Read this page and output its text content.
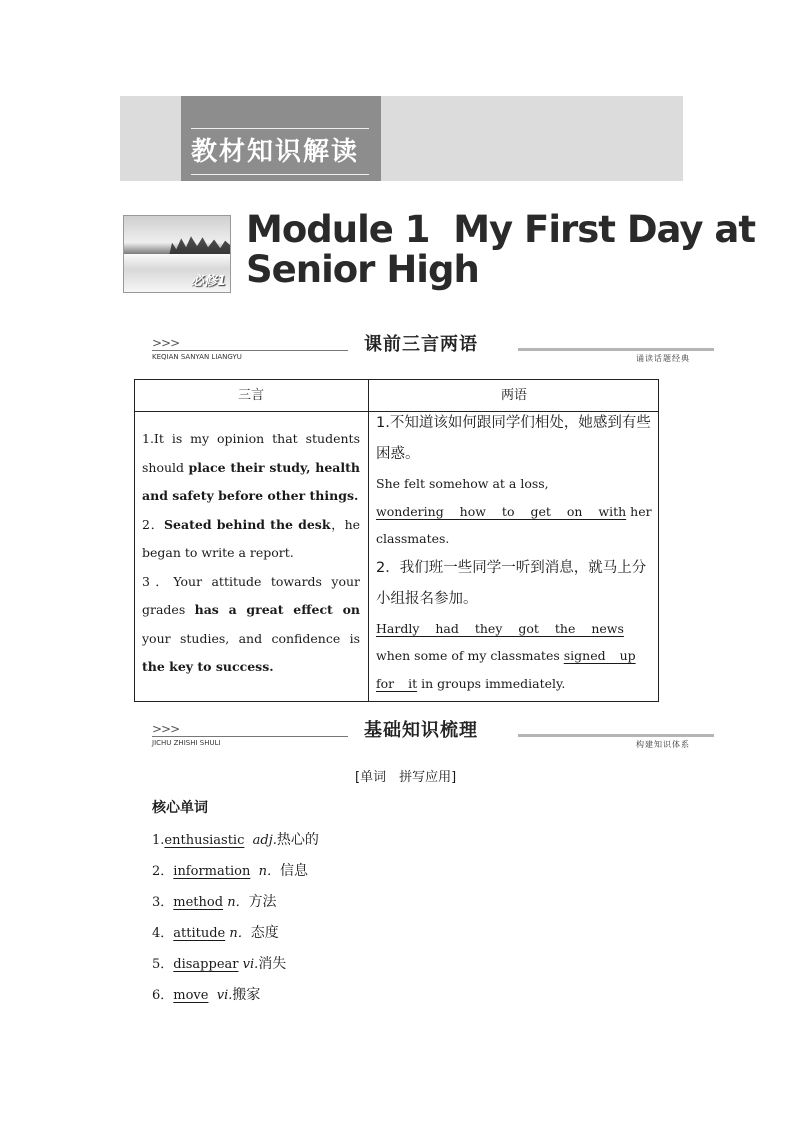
教材知识解读
必修1
Module 1  My First Day at
Senior High
>>>
KEQIAN SANYAN LIANGYU
课前三言两语
诵读话题经典
三言	两语
1.It is my opinion that students should place their study, health and safety before other things.
2．Seated behind the desk，he began to write a report.
3．Your attitude towards your grades has a great effect on your studies, and confidence is the key to success.
1.不知道该如何跟同学们相处，她感到有些困惑。
She felt somehow at a loss,
wondering how to get on with her classmates.
2．我们班一些同学一听到消息，就马上分小组报名参加。
Hardly had they got the news when some of my classmates signed up for it in groups immediately.
>>>
JICHU ZHISHI SHULI
基础知识梳理
构建知识体系
[单词　拼写应用]
核心单词
1.enthusiastic adj.热心的
2．information n．信息
3．method n．方法
4．attitude n．态度
5．disappear vi.消失
6．move vi.搬家
